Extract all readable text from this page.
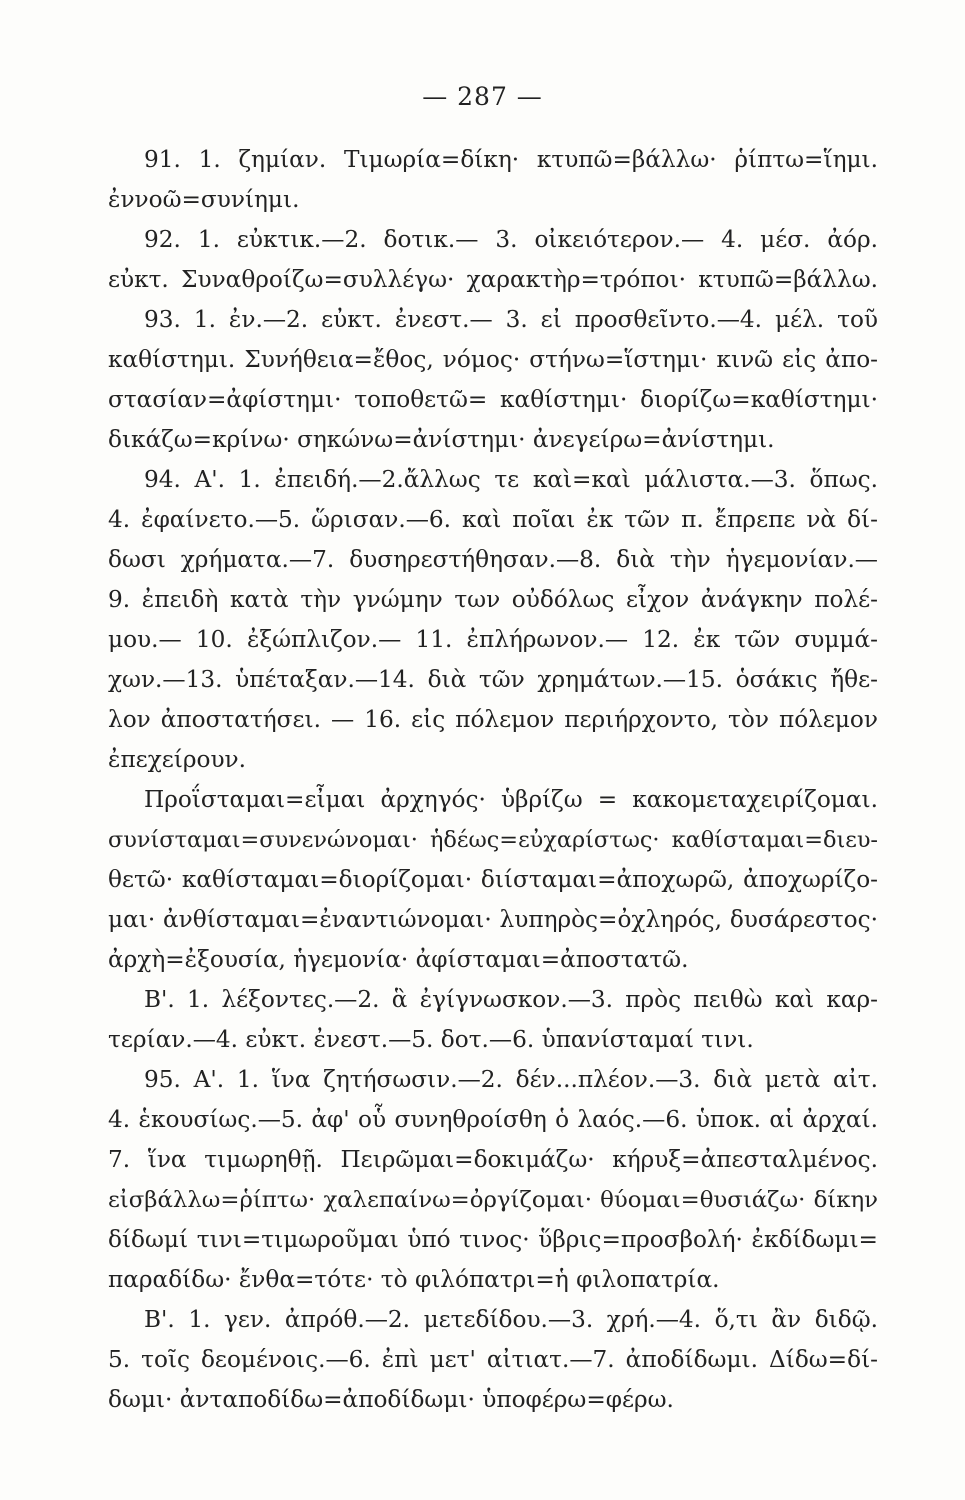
— 287 —
91. 1. ζημίαν. Τιμωρία=δίκη· κτυπῶ=βάλλω· ῥίπτω=ἵημι.
ἐννοῶ=συνίημι.
92. 1. εὐκτικ.—2. δοτικ.— 3. οἰκειότερον.— 4. μέσ. ἀόρ.
εὐκτ. Συναθροίζω=συλλέγω· χαρακτὴρ=τρόποι· κτυπῶ=βάλλω.
93. 1. ἐν.—2. εὐκτ. ἐνεστ.— 3. εἰ προσθεῖντο.—4. μέλ. τοῦ
καθίστημι. Συνήθεια=ἔθος, νόμος· στήνω=ἵστημι· κινῶ εἰς ἀπο-
στασίαν=ἀφίστημι· τοποθετῶ= καθίστημι· διορίζω=καθίστημι·
δικάζω=κρίνω· σηκώνω=ἀνίστημι· ἀνεγείρω=ἀνίστημι.
94. Α'. 1. ἐπειδή.—2.ἄλλως τε καὶ=καὶ μάλιστα.—3. ὅπως.
4. ἐφαίνετο.—5. ὥρισαν.—6. καὶ ποῖαι ἐκ τῶν π. ἔπρεπε νὰ δί-
δωσι χρήματα.—7. δυσηρεστήθησαν.—8. διὰ τὴν ἡγεμονίαν.—
9. ἐπειδὴ κατὰ τὴν γνώμην των οὐδόλως εἶχον ἀνάγκην πολέ-
μου.— 10. ἐξώπλιζον.— 11. ἐπλήρωνον.— 12. ἐκ τῶν συμμά-
χων.—13. ὑπέταξαν.—14. διὰ τῶν χρημάτων.—15. ὁσάκις ἤθε-
λον ἀποστατήσει. — 16. εἰς πόλεμον περιήρχοντο, τὸν πόλεμον
ἐπεχείρουν.
Προΐσταμαι=εἶμαι ἀρχηγός· ὑβρίζω = κακομεταχειρίζομαι.
συνίσταμαι=συνενώνομαι· ἡδέως=εὐχαρίστως· καθίσταμαι=διευ-
θετῶ· καθίσταμαι=διορίζομαι· διίσταμαι=ἀποχωρῶ, ἀποχωρίζο-
μαι· ἀνθίσταμαι=ἐναντιώνομαι· λυπηρὸς=ὀχληρός, δυσάρεστος·
ἀρχὴ=ἐξουσία, ἡγεμονία· ἀφίσταμαι=ἀποστατῶ.
Β'. 1. λέξοντες.—2. ἃ ἐγίγνωσκον.—3. πρὸς πειθὼ καὶ καρ-
τερίαν.—4. εὐκτ. ἐνεστ.—5. δοτ.—6. ὑπανίσταμαί τινι.
95. Α'. 1. ἵνα ζητήσωσιν.—2. δέν...πλέον.—3. διὰ μετὰ αἰτ.
4. ἑκουσίως.—5. ἀφ' οὗ συνηθροίσθη ὁ λαός.—6. ὑποκ. αἱ ἀρχαί.
7. ἵνα τιμωρηθῇ. Πειρῶμαι=δοκιμάζω· κήρυξ=ἀπεσταλμένος.
εἰσβάλλω=ῥίπτω· χαλεπαίνω=ὀργίζομαι· θύομαι=θυσιάζω· δίκην
δίδωμί τινι=τιμωροῦμαι ὑπό τινος· ὕβρις=προσβολή· ἐκδίδωμι=
παραδίδω· ἔνθα=τότε· τὸ φιλόπατρι=ἡ φιλοπατρία.
Β'. 1. γεν. ἀπρόθ.—2. μετεδίδου.—3. χρή.—4. ὅ,τι ἂν διδῷ.
5. τοῖς δεομένοις.—6. ἐπὶ μετ' αἰτιατ.—7. ἀποδίδωμι. Δίδω=δί-
δωμι· ἀνταποδίδω=ἀποδίδωμι· ὑποφέρω=φέρω.
